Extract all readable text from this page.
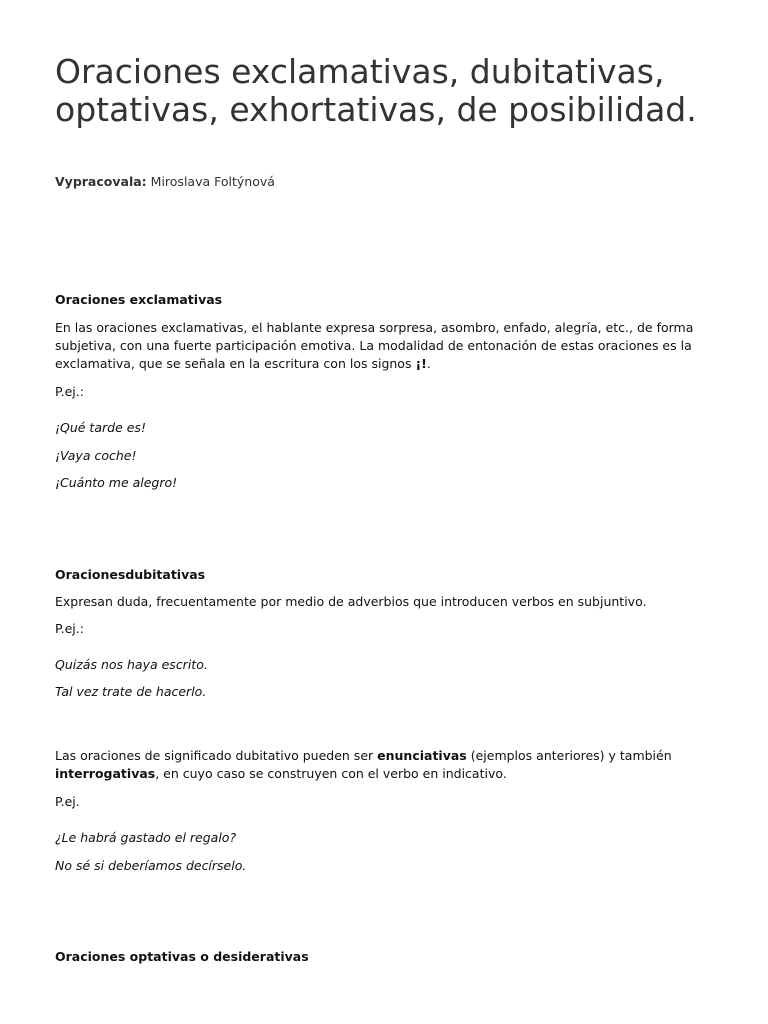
Oraciones exclamativas, dubitativas, optativas, exhortativas, de posibilidad.
Vypracovala: Miroslava Foltýnová

Oraciones exclamativas

En las oraciones exclamativas, el hablante expresa sorpresa, asombro, enfado, alegría, etc., de forma subjetiva, con una fuerte participación emotiva. La modalidad de entonación de estas oraciones es la exclamativa, que se señala en la escritura con los signos ¡!.

P.ej.:

¡Qué tarde es!

¡Vaya coche!

¡Cuánto me alegro!

Oracionesdubitativas

Expresan duda, frecuentamente por medio de adverbios que introducen verbos en subjuntivo.

P.ej.:

Quizás nos haya escrito.

Tal vez trate de hacerlo.

Las oraciones de significado dubitativo pueden ser enunciativas (ejemplos anteriores) y también interrogativas, en cuyo caso se construyen con el verbo en indicativo.

P.ej.

¿Le habrá gastado el regalo?

No sé si deberíamos decírselo.

Oraciones optativas o desiderativas
